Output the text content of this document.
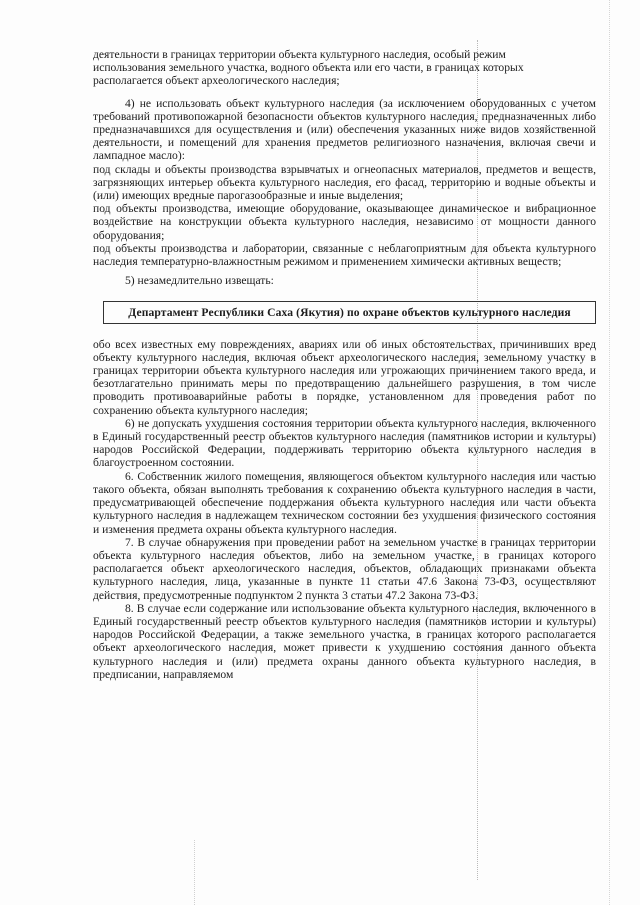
деятельности в границах территории объекта культурного наследия, особый режим

использования земельного участка, водного объекта или его части, в границах которых

располагается объект археологического наследия;

4) не использовать объект культурного наследия (за исключением оборудованных с учетом требований противопожарной безопасности объектов культурного наследия, предназначенных либо предназначавшихся для осуществления и (или) обеспечения указанных ниже видов хозяйственной деятельности, и помещений для хранения предметов религиозного назначения, включая свечи и лампадное масло):

под склады и объекты производства взрывчатых и огнеопасных материалов, предметов и веществ, загрязняющих интерьер объекта культурного наследия, его фасад, территорию и водные объекты и (или) имеющих вредные парогазообразные и иные выделения;

под объекты производства, имеющие оборудование, оказывающее динамическое и вибрационное воздействие на конструкции объекта культурного наследия, независимо от мощности данного оборудования;

под объекты производства и лаборатории, связанные с неблагоприятным для объекта культурного наследия температурно-влажностным режимом и применением химически активных веществ;

5) незамедлительно извещать:

Департамент Республики Саха (Якутия) по охране объектов культурного наследия

обо всех известных ему повреждениях, авариях или об иных обстоятельствах, причинивших вред объекту культурного наследия, включая объект археологического наследия, земельному участку в границах территории объекта культурного наследия или угрожающих причинением такого вреда, и безотлагательно принимать меры по предотвращению дальнейшего разрушения, в том числе проводить противоаварийные работы в порядке, установленном для проведения работ по сохранению объекта культурного наследия;

6) не допускать ухудшения состояния территории объекта культурного наследия, включенного в Единый государственный реестр объектов культурного наследия (памятников истории и культуры) народов Российской Федерации, поддерживать территорию объекта культурного наследия в благоустроенном состоянии.

6. Собственник жилого помещения, являющегося объектом культурного наследия или частью такого объекта, обязан выполнять требования к сохранению объекта культурного наследия в части, предусматривающей обеспечение поддержания объекта культурного наследия или части объекта культурного наследия в надлежащем техническом состоянии без ухудшения физического состояния и изменения предмета охраны объекта культурного наследия.

7. В случае обнаружения при проведении работ на земельном участке в границах территории объекта культурного наследия объектов, либо на земельном участке, в границах которого располагается объект археологического наследия, объектов, обладающих признаками объекта культурного наследия, лица, указанные в пункте 11 статьи 47.6 Закона 73-ФЗ, осуществляют действия, предусмотренные подпунктом 2 пункта 3 статьи 47.2 Закона 73-ФЗ.

8. В случае если содержание или использование объекта культурного наследия, включенного в Единый государственный реестр объектов культурного наследия (памятников истории и культуры) народов Российской Федерации, а также земельного участка, в границах которого располагается объект археологического наследия, может привести к ухудшению состояния данного объекта культурного наследия и (или) предмета охраны данного объекта культурного наследия, в предписании, направляемом
